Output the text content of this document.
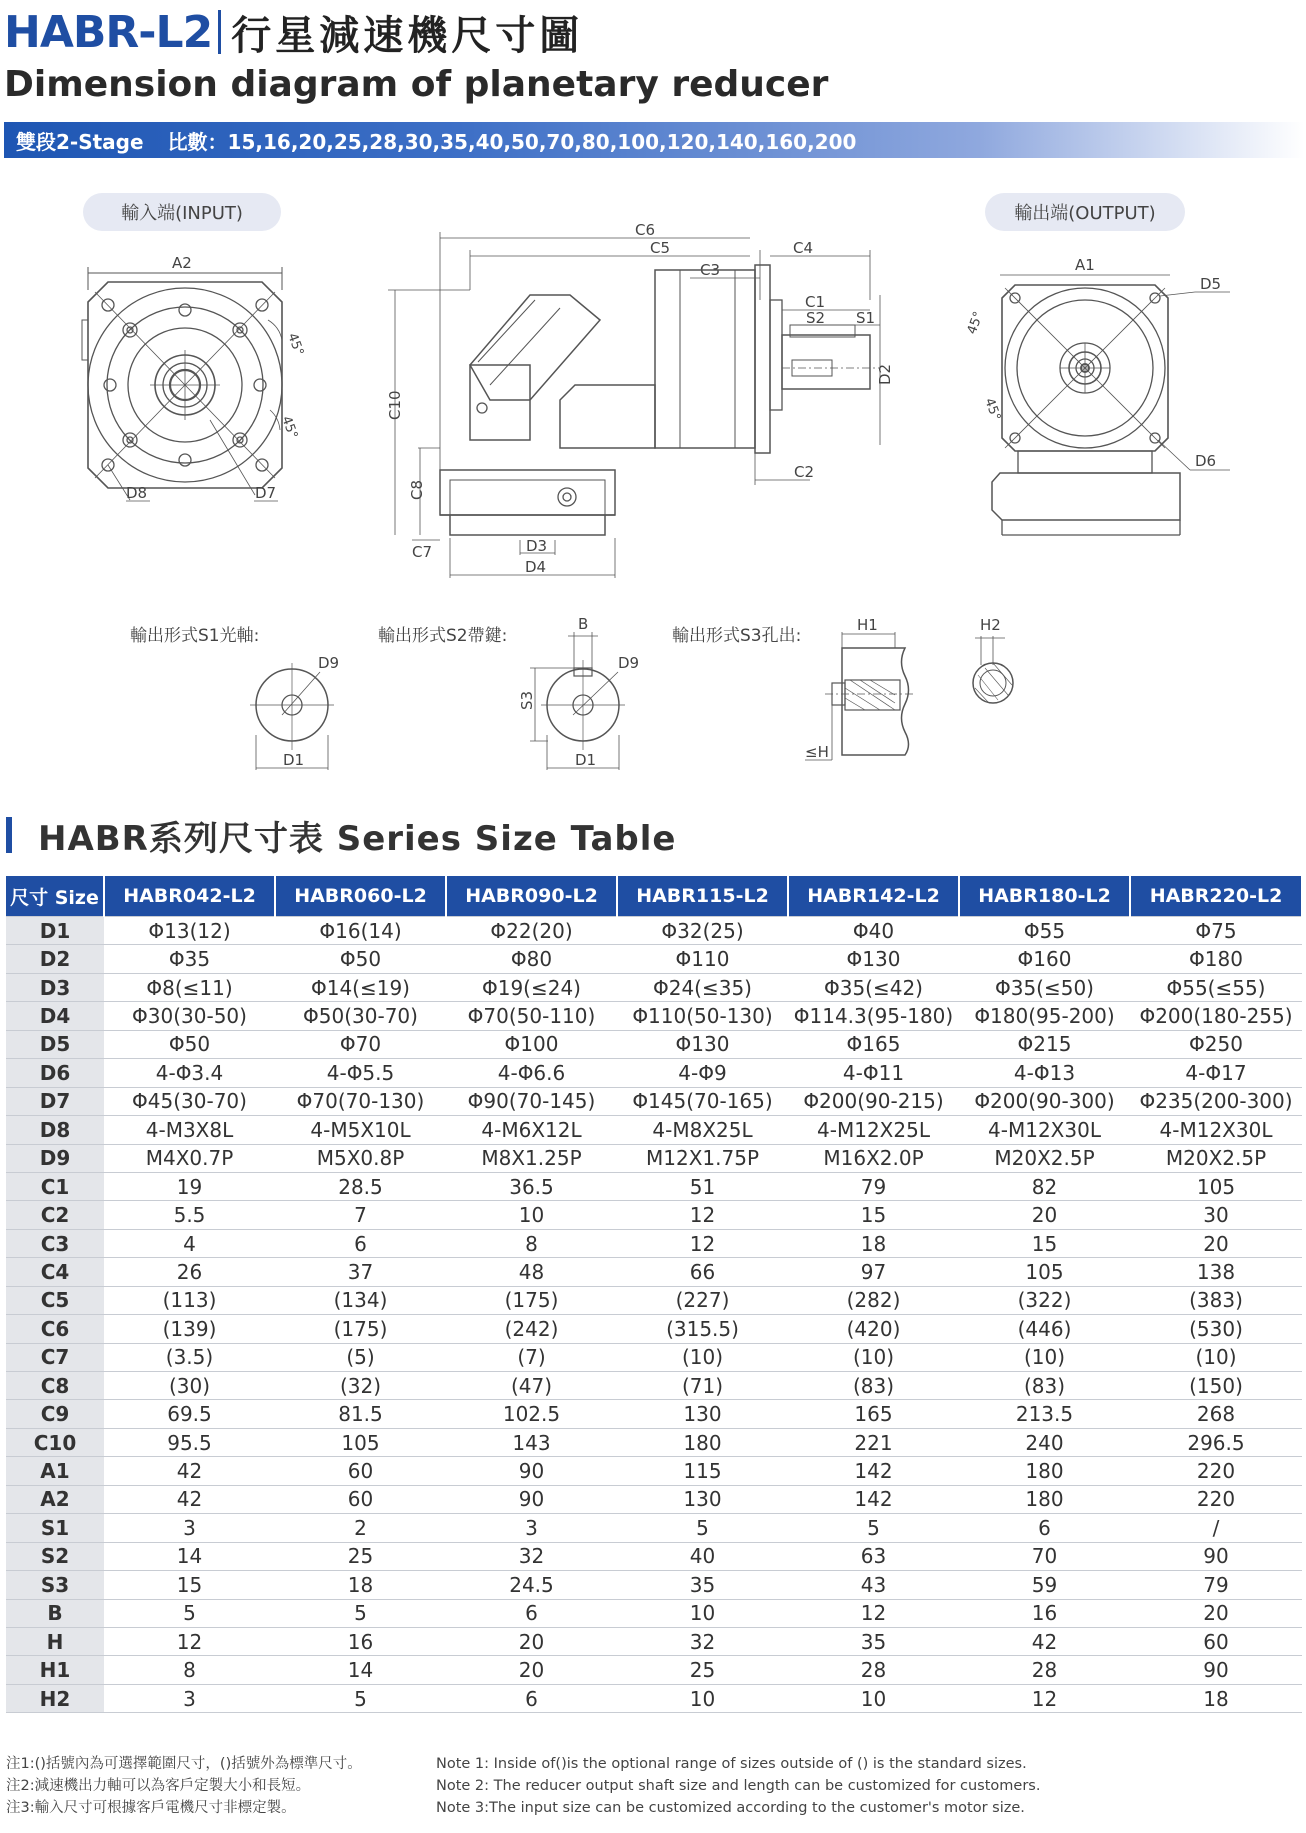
HABR-L2 行星減速機尺寸圖
Dimension diagram of planetary reducer
雙段2-Stage 比數：15,16,20,25,28,30,35,40,50,70,80,100,120,140,160,200
輸入端(INPUT)	輸出端(OUTPUT)
A2
45°
45°
D8	D7
C6
C5	C4
C3
C1
S2 S1
D2
C2
C10
C8
C7	D3
D4
A1
D5
D6
45°
45°
輸出形式S1光軸:
D9
D1
輸出形式S2帶鍵:
D9
B
S3
D1
輸出形式S3孔出:
H1
≤H
H2
HABR系列尺寸表 Series Size Table
尺寸 Size	HABR042-L2	HABR060-L2	HABR090-L2	HABR115-L2	HABR142-L2	HABR180-L2	HABR220-L2
D1	Φ13(12)	Φ16(14)	Φ22(20)	Φ32(25)	Φ40	Φ55	Φ75
D2	Φ35	Φ50	Φ80	Φ110	Φ130	Φ160	Φ180
D3	Φ8(≤11)	Φ14(≤19)	Φ19(≤24)	Φ24(≤35)	Φ35(≤42)	Φ35(≤50)	Φ55(≤55)
D4	Φ30(30-50)	Φ50(30-70)	Φ70(50-110)	Φ110(50-130)	Φ114.3(95-180)	Φ180(95-200)	Φ200(180-255)
D5	Φ50	Φ70	Φ100	Φ130	Φ165	Φ215	Φ250
D6	4-Φ3.4	4-Φ5.5	4-Φ6.6	4-Φ9	4-Φ11	4-Φ13	4-Φ17
D7	Φ45(30-70)	Φ70(70-130)	Φ90(70-145)	Φ145(70-165)	Φ200(90-215)	Φ200(90-300)	Φ235(200-300)
D8	4-M3X8L	4-M5X10L	4-M6X12L	4-M8X25L	4-M12X25L	4-M12X30L	4-M12X30L
D9	M4X0.7P	M5X0.8P	M8X1.25P	M12X1.75P	M16X2.0P	M20X2.5P	M20X2.5P
C1	19	28.5	36.5	51	79	82	105
C2	5.5	7	10	12	15	20	30
C3	4	6	8	12	18	15	20
C4	26	37	48	66	97	105	138
C5	(113)	(134)	(175)	(227)	(282)	(322)	(383)
C6	(139)	(175)	(242)	(315.5)	(420)	(446)	(530)
C7	(3.5)	(5)	(7)	(10)	(10)	(10)	(10)
C8	(30)	(32)	(47)	(71)	(83)	(83)	(150)
C9	69.5	81.5	102.5	130	165	213.5	268
C10	95.5	105	143	180	221	240	296.5
A1	42	60	90	115	142	180	220
A2	42	60	90	130	142	180	220
S1	3	2	3	5	5	6	/
S2	14	25	32	40	63	70	90
S3	15	18	24.5	35	43	59	79
B	5	5	6	10	12	16	20
H	12	16	20	32	35	42	60
H1	8	14	20	25	28	28	90
H2	3	5	6	10	10	12	18
注1:()括號內為可選擇範圍尺寸，()括號外為標準尺寸。
注2:減速機出力軸可以為客戶定製大小和長短。
注3:輸入尺寸可根據客戶電機尺寸非標定製。
Note 1: Inside of()is the optional range of sizes outside of () is the standard sizes.
Note 2: The reducer output shaft size and length can be customized for customers.
Note 3:The input size can be customized according to the customer's motor size.
